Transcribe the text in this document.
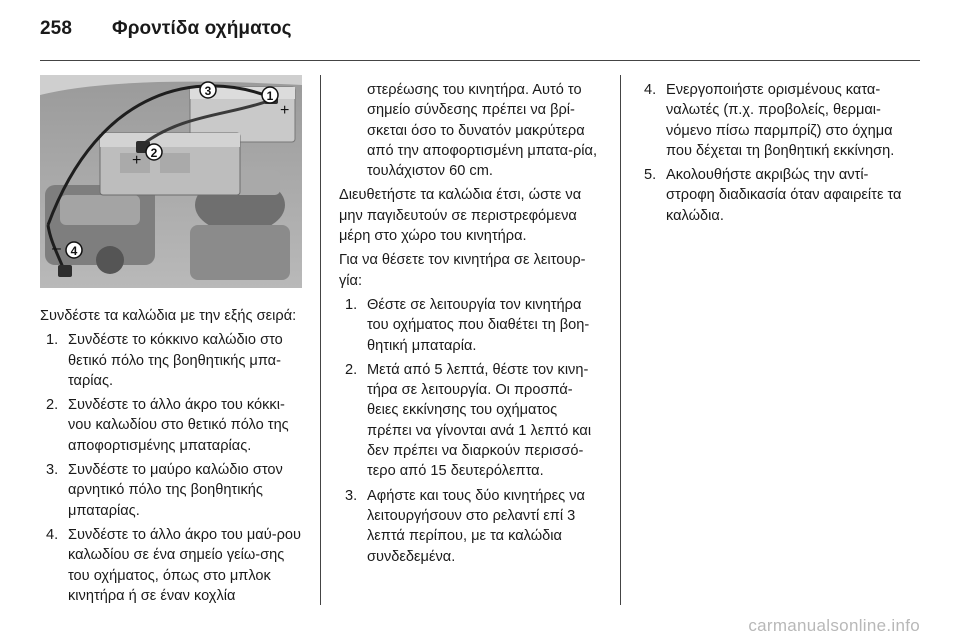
258 Φροντίδα οχήματος
+
+
–
1
2
3
4

Συνδέστε τα καλώδια με την εξής σειρά:

1. Συνδέστε το κόκκινο καλώδιο στο θετικό πόλο της βοηθητικής μπα-ταρίας.
2. Συνδέστε το άλλο άκρο του κόκκι-νου καλωδίου στο θετικό πόλο της αποφορτισμένης μπαταρίας.
3. Συνδέστε το μαύρο καλώδιο στον αρνητικό πόλο της βοηθητικής μπαταρίας.
4. Συνδέστε το άλλο άκρο του μαύ-ρου καλωδίου σε ένα σημείο γείω-σης του οχήματος, όπως στο μπλοκ κινητήρα ή σε έναν κοχλία

στερέωσης του κινητήρα. Αυτό το σημείο σύνδεσης πρέπει να βρί-σκεται όσο το δυνατόν μακρύτερα από την αποφορτισμένη μπατα-ρία, τουλάχιστον 60 cm.

Διευθετήστε τα καλώδια έτσι, ώστε να μην παγιδευτούν σε περιστρεφόμενα μέρη στο χώρο του κινητήρα.

Για να θέσετε τον κινητήρα σε λειτουρ-γία:

1. Θέστε σε λειτουργία τον κινητήρα του οχήματος που διαθέτει τη βοη-θητική μπαταρία.
2. Μετά από 5 λεπτά, θέστε τον κινη-τήρα σε λειτουργία. Οι προσπά-θειες εκκίνησης του οχήματος πρέπει να γίνονται ανά 1 λεπτό και δεν πρέπει να διαρκούν περισσό-τερο από 15 δευτερόλεπτα.
3. Αφήστε και τους δύο κινητήρες να λειτουργήσουν στο ρελαντί επί 3 λεπτά περίπου, με τα καλώδια συνδεδεμένα.
4. Ενεργοποιήστε ορισμένους κατα-ναλωτές (π.χ. προβολείς, θερμαι-νόμενο πίσω παρμπρίζ) στο όχημα που δέχεται τη βοηθητική εκκίνηση.
5. Ακολουθήστε ακριβώς την αντί-στροφη διαδικασία όταν αφαιρείτε τα καλώδια.
carmanualsonline.info
